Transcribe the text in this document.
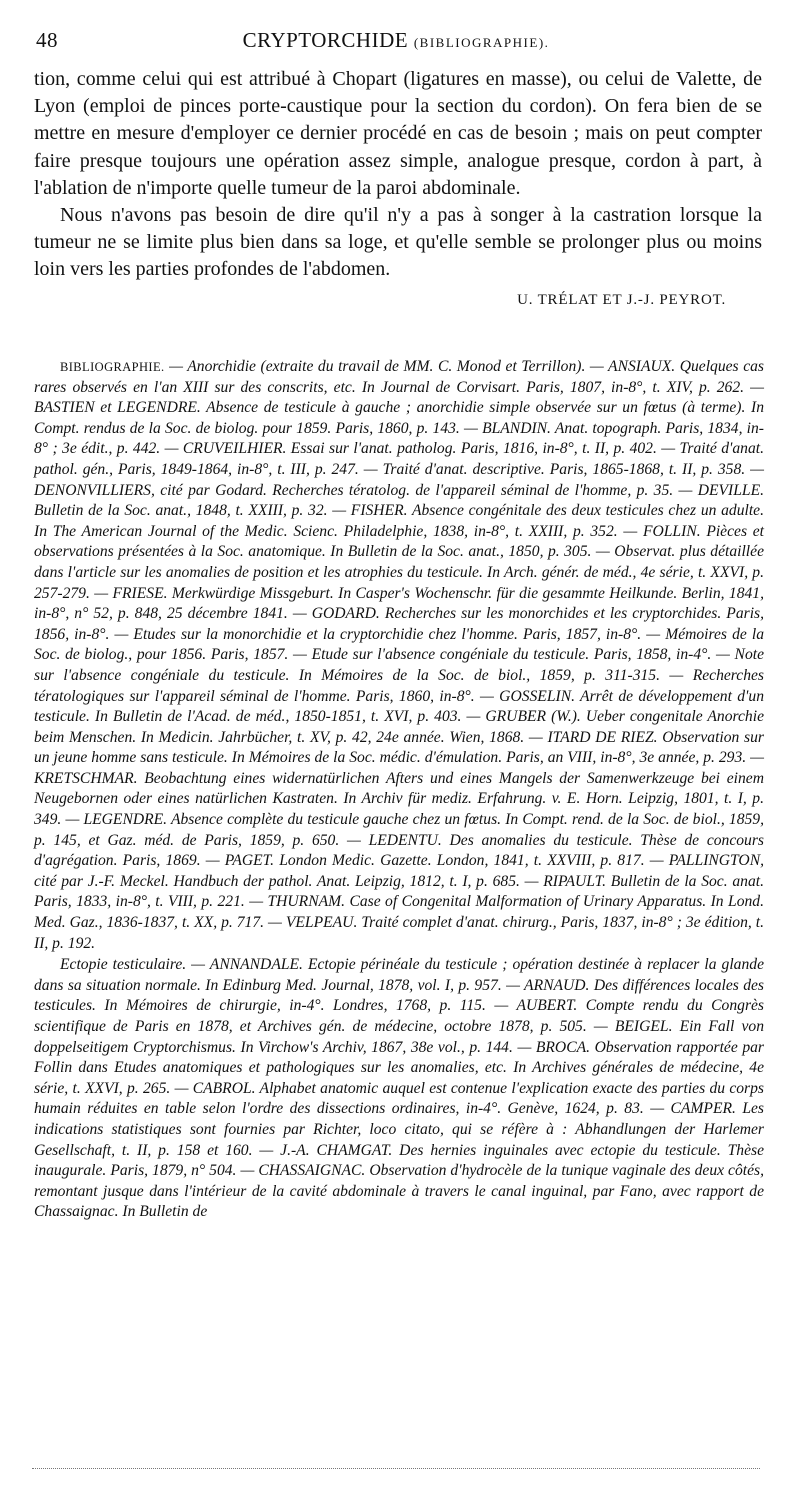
48	CRYPTORCHIDE (BIBLIOGRAPHIE).

tion, comme celui qui est attribué à Chopart (ligatures en masse), ou celui de Valette, de Lyon (emploi de pinces porte-caustique pour la section du cordon). On fera bien de se mettre en mesure d'employer ce dernier procédé en cas de besoin ; mais on peut compter faire presque toujours une opération assez simple, analogue presque, cordon à part, à l'ablation de n'importe quelle tumeur de la paroi abdominale.

Nous n'avons pas besoin de dire qu'il n'y a pas à songer à la castration lorsque la tumeur ne se limite plus bien dans sa loge, et qu'elle semble se prolonger plus ou moins loin vers les parties profondes de l'abdomen.

U. TRÉLAT ET J.-J. PEYROT.

BIBLIOGRAPHIE. — Anorchidie (extraite du travail de MM. C. Monod et Terrillon). — ANSIAUX. Quelques cas rares observés en l'an XIII sur des conscrits, etc. In Journal de Corvisart. Paris, 1807, in-8°, t. XIV, p. 262. — BASTIEN et LEGENDRE. Absence de testicule à gauche ; anorchidie simple observée sur un fœtus (à terme). In Compt. rendus de la Soc. de biolog. pour 1859. Paris, 1860, p. 143. — BLANDIN. Anat. topograph. Paris, 1834, in-8° ; 3e édit., p. 442. — CRUVEILHIER. Essai sur l'anat. patholog. Paris, 1816, in-8°, t. II, p. 402. — Traité d'anat. pathol. gén., Paris, 1849-1864, in-8°, t. III, p. 247. — Traité d'anat. descriptive. Paris, 1865-1868, t. II, p. 358. — DENONVILLIERS, cité par Godard. Recherches tératolog. de l'appareil séminal de l'homme, p. 35. — DEVILLE. Bulletin de la Soc. anat., 1848, t. XXIII, p. 32. — FISHER. Absence congénitale des deux testicules chez un adulte. In The American Journal of the Medic. Scienc. Philadelphie, 1838, in-8°, t. XXIII, p. 352. — FOLLIN. Pièces et observations présentées à la Soc. anatomique. In Bulletin de la Soc. anat., 1850, p. 305. — Observat. plus détaillée dans l'article sur les anomalies de position et les atrophies du testicule. In Arch. génér. de méd., 4e série, t. XXVI, p. 257-279. — FRIESE. Merkwürdige Missgeburt. In Casper's Wochenschr. für die gesammte Heilkunde. Berlin, 1841, in-8°, n° 52, p. 848, 25 décembre 1841. — GODARD. Recherches sur les monorchides et les cryptorchides. Paris, 1856, in-8°. — Etudes sur la monorchidie et la cryptorchidie chez l'homme. Paris, 1857, in-8°. — Mémoires de la Soc. de biolog., pour 1856. Paris, 1857. — Etude sur l'absence congéniale du testicule. Paris, 1858, in-4°. — Note sur l'absence congéniale du testicule. In Mémoires de la Soc. de biol., 1859, p. 311-315. — Recherches tératologiques sur l'appareil séminal de l'homme. Paris, 1860, in-8°. — GOSSELIN. Arrêt de développement d'un testicule. In Bulletin de l'Acad. de méd., 1850-1851, t. XVI, p. 403. — GRUBER (W.). Ueber congenitale Anorchie beim Menschen. In Medicin. Jahrbücher, t. XV, p. 42, 24e année. Wien, 1868. — ITARD DE RIEZ. Observation sur un jeune homme sans testicule. In Mémoires de la Soc. médic. d'émulation. Paris, an VIII, in-8°, 3e année, p. 293. — KRETSCHMAR. Beobachtung eines widernatürlichen Afters und eines Mangels der Samenwerkzeuge bei einem Neugebornen oder eines natürlichen Kastraten. In Archiv für mediz. Erfahrung. v. E. Horn. Leipzig, 1801, t. I, p. 349. — LEGENDRE. Absence complète du testicule gauche chez un fœtus. In Compt. rend. de la Soc. de biol., 1859, p. 145, et Gaz. méd. de Paris, 1859, p. 650. — LEDENTU. Des anomalies du testicule. Thèse de concours d'agrégation. Paris, 1869. — PAGET. London Medic. Gazette. London, 1841, t. XXVIII, p. 817. — PALLINGTON, cité par J.-F. Meckel. Handbuch der pathol. Anat. Leipzig, 1812, t. I, p. 685. — RIPAULT. Bulletin de la Soc. anat. Paris, 1833, in-8°, t. VIII, p. 221. — THURNAM. Case of Congenital Malformation of Urinary Apparatus. In Lond. Med. Gaz., 1836-1837, t. XX, p. 717. — VELPEAU. Traité complet d'anat. chirurg., Paris, 1837, in-8° ; 3e édition, t. II, p. 192.

Ectopie testiculaire. — ANNANDALE. Ectopie périnéale du testicule ; opération destinée à replacer la glande dans sa situation normale. In Edinburg Med. Journal, 1878, vol. I, p. 957. — ARNAUD. Des différences locales des testicules. In Mémoires de chirurgie, in-4°. Londres, 1768, p. 115. — AUBERT. Compte rendu du Congrès scientifique de Paris en 1878, et Archives gén. de médecine, octobre 1878, p. 505. — BEIGEL. Ein Fall von doppelseitigem Cryptorchismus. In Virchow's Archiv, 1867, 38e vol., p. 144. — BROCA. Observation rapportée par Follin dans Etudes anatomiques et pathologiques sur les anomalies, etc. In Archives générales de médecine, 4e série, t. XXVI, p. 265. — CABROL. Alphabet anatomic auquel est contenue l'explication exacte des parties du corps humain réduites en table selon l'ordre des dissections ordinaires, in-4°. Genève, 1624, p. 83. — CAMPER. Les indications statistiques sont fournies par Richter, loco citato, qui se réfère à : Abhandlungen der Harlemer Gesellschaft, t. II, p. 158 et 160. — J.-A. CHAMGAT. Des hernies inguinales avec ectopie du testicule. Thèse inaugurale. Paris, 1879, n° 504. — CHASSAIGNAC. Observation d'hydrocèle de la tunique vaginale des deux côtés, remontant jusque dans l'intérieur de la cavité abdominale à travers le canal inguinal, par Fano, avec rapport de Chassaignac. In Bulletin de
